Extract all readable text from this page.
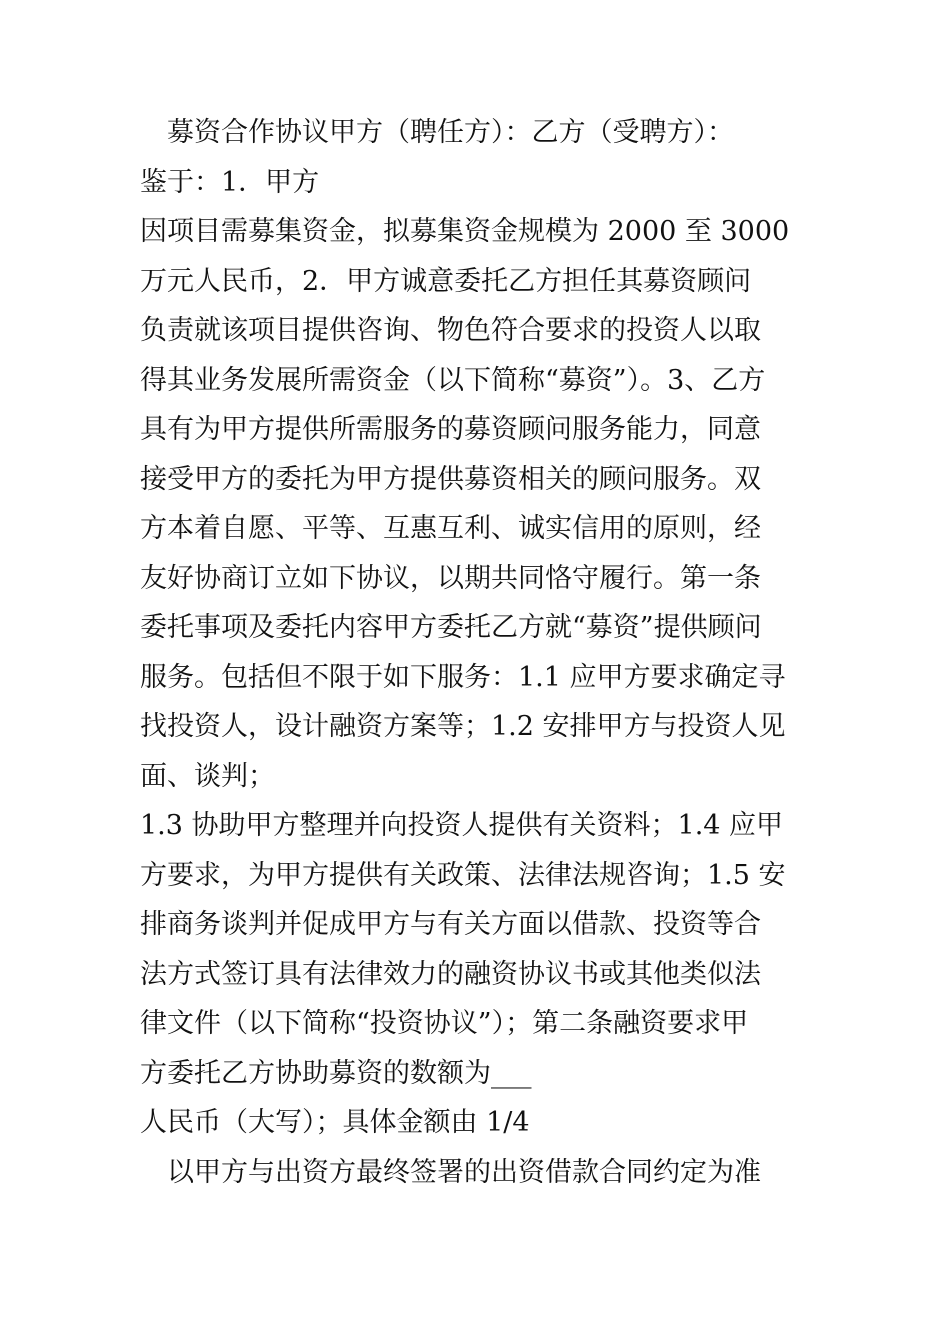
募资合作协议甲方（聘任方）：乙方（受聘方）：
鉴于：1．甲方
因项目需募集资金，拟募集资金规模为 2000 至 3000
万元人民币，2．甲方诚意委托乙方担任其募资顾问
负责就该项目提供咨询、物色符合要求的投资人以取
得其业务发展所需资金（以下简称“募资”）。3、乙方
具有为甲方提供所需服务的募资顾问服务能力，同意
接受甲方的委托为甲方提供募资相关的顾问服务。双
方本着自愿、平等、互惠互利、诚实信用的原则，经
友好协商订立如下协议，以期共同恪守履行。第一条
委托事项及委托内容甲方委托乙方就“募资”提供顾问
服务。包括但不限于如下服务：1.1 应甲方要求确定寻
找投资人，设计融资方案等；1.2 安排甲方与投资人见
面、谈判；
1.3 协助甲方整理并向投资人提供有关资料；1.4 应甲
方要求，为甲方提供有关政策、法律法规咨询；1.5 安
排商务谈判并促成甲方与有关方面以借款、投资等合
法方式签订具有法律效力的融资协议书或其他类似法
律文件（以下简称“投资协议”）；第二条融资要求甲
方委托乙方协助募资的数额为___
人民币（大写）；具体金额由 1/4
以甲方与出资方最终签署的出资借款合同约定为准
